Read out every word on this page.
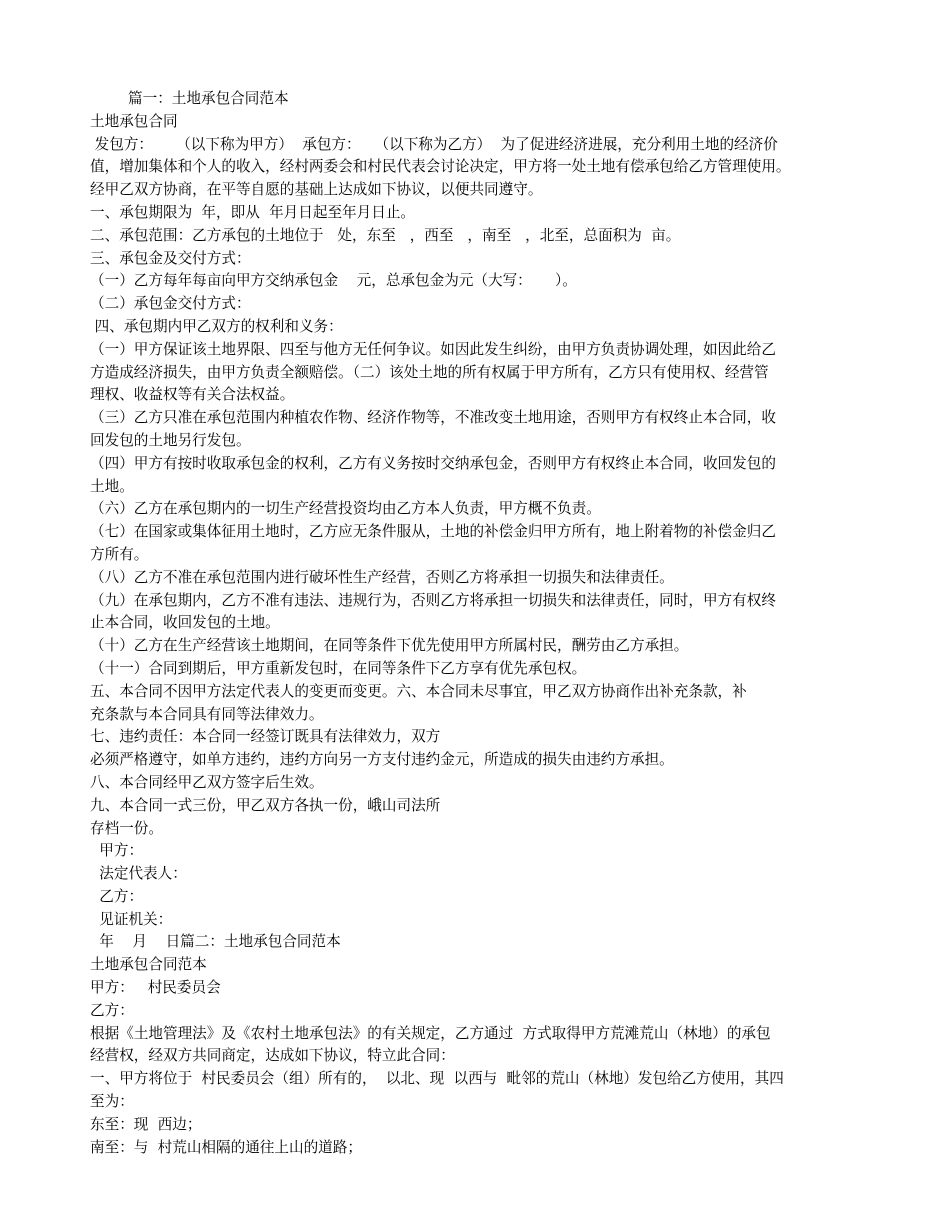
篇一：土地承包合同范本
土地承包合同
发包方：     （以下称为甲方）  承包方：   （以下称为乙方）  为了促进经济进展，充分利用土地的经济价
值，增加集体和个人的收入，经村两委会和村民代表会讨论决定，甲方将一处土地有偿承包给乙方管理使用。
经甲乙双方协商，在平等自愿的基础上达成如下协议，以便共同遵守。
一、承包期限为  年，即从  年月日起至年月日止。
二、承包范围：乙方承包的土地位于   处，东至   ，西至   ，南至   ，北至，总面积为  亩。
三、承包金及交付方式：
（一）乙方每年每亩向甲方交纳承包金    元，总承包金为元（大写：     ）。
（二）承包金交付方式：
四、承包期内甲乙双方的权利和义务：
（一）甲方保证该土地界限、四至与他方无任何争议。如因此发生纠纷，由甲方负责协调处理，如因此给乙
方造成经济损失，由甲方负责全额赔偿。（二）该处土地的所有权属于甲方所有，乙方只有使用权、经营管
理权、收益权等有关合法权益。
（三）乙方只准在承包范围内种植农作物、经济作物等，不准改变土地用途，否则甲方有权终止本合同，收
回发包的土地另行发包。
（四）甲方有按时收取承包金的权利，乙方有义务按时交纳承包金，否则甲方有权终止本合同，收回发包的
土地。
（六）乙方在承包期内的一切生产经营投资均由乙方本人负责，甲方概不负责。
（七）在国家或集体征用土地时，乙方应无条件服从，土地的补偿金归甲方所有，地上附着物的补偿金归乙
方所有。
（八）乙方不准在承包范围内进行破坏性生产经营，否则乙方将承担一切损失和法律责任。
（九）在承包期内，乙方不准有违法、违规行为，否则乙方将承担一切损失和法律责任，同时，甲方有权终
止本合同，收回发包的土地。
（十）乙方在生产经营该土地期间，在同等条件下优先使用甲方所属村民，酬劳由乙方承担。
（十一）合同到期后，甲方重新发包时，在同等条件下乙方享有优先承包权。
五、本合同不因甲方法定代表人的变更而变更。六、本合同未尽事宜，甲乙双方协商作出补充条款，补
充条款与本合同具有同等法律效力。
七、违约责任：本合同一经签订既具有法律效力，双方
必须严格遵守，如单方违约，违约方向另一方支付违约金元，所造成的损失由违约方承担。
八、本合同经甲乙双方签字后生效。
九、本合同一式三份，甲乙双方各执一份，峨山司法所
存档一份。
甲方：
法定代表人：
乙方：
见证机关：
年    月    日篇二：土地承包合同范本
土地承包合同范本
甲方：   村民委员会
乙方：
根据《土地管理法》及《农村土地承包法》的有关规定，乙方通过  方式取得甲方荒滩荒山（林地）的承包
经营权，经双方共同商定，达成如下协议，特立此合同：
一、甲方将位于  村民委员会（组）所有的，  以北、现  以西与  毗邻的荒山（林地）发包给乙方使用，其四
至为：
东至：现  西边；
南至：与  村荒山相隔的通往上山的道路；
